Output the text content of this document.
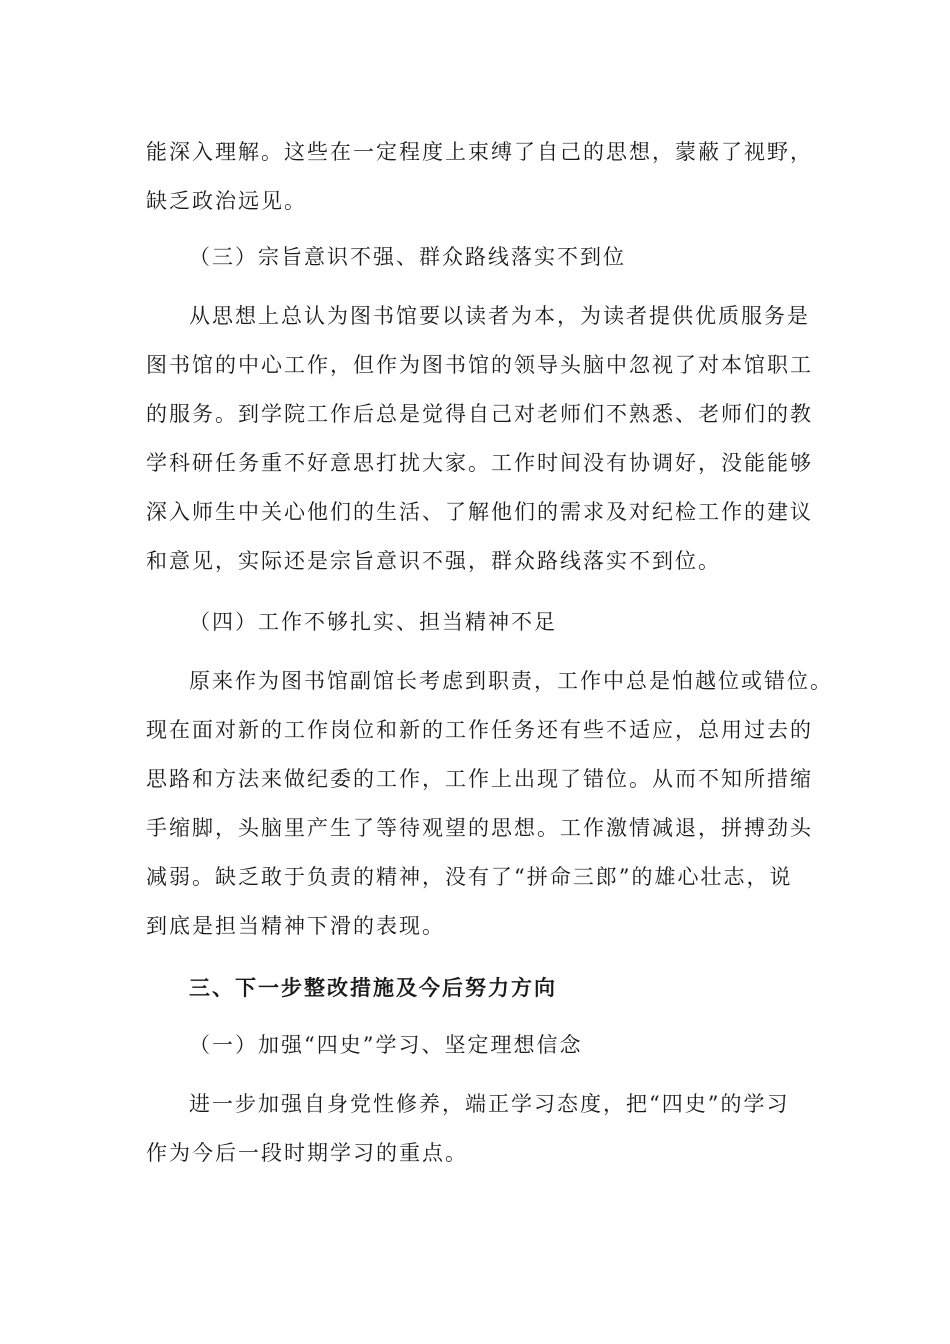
能深入理解。这些在一定程度上束缚了自己的思想，蒙蔽了视野，
缺乏政治远见。
（三）宗旨意识不强、群众路线落实不到位
从思想上总认为图书馆要以读者为本，为读者提供优质服务是
图书馆的中心工作，但作为图书馆的领导头脑中忽视了对本馆职工
的服务。到学院工作后总是觉得自己对老师们不熟悉、老师们的教
学科研任务重不好意思打扰大家。工作时间没有协调好，没能能够
深入师生中关心他们的生活、了解他们的需求及对纪检工作的建议
和意见，实际还是宗旨意识不强，群众路线落实不到位。
（四）工作不够扎实、担当精神不足
原来作为图书馆副馆长考虑到职责，工作中总是怕越位或错位。
现在面对新的工作岗位和新的工作任务还有些不适应，总用过去的
思路和方法来做纪委的工作，工作上出现了错位。从而不知所措缩
手缩脚，头脑里产生了等待观望的思想。工作激情减退，拼搏劲头
减弱。缺乏敢于负责的精神，没有了“拼命三郎”的雄心壮志，说
到底是担当精神下滑的表现。
三、下一步整改措施及今后努力方向
（一）加强“四史”学习、坚定理想信念
进一步加强自身党性修养，端正学习态度，把“四史”的学习
作为今后一段时期学习的重点。
